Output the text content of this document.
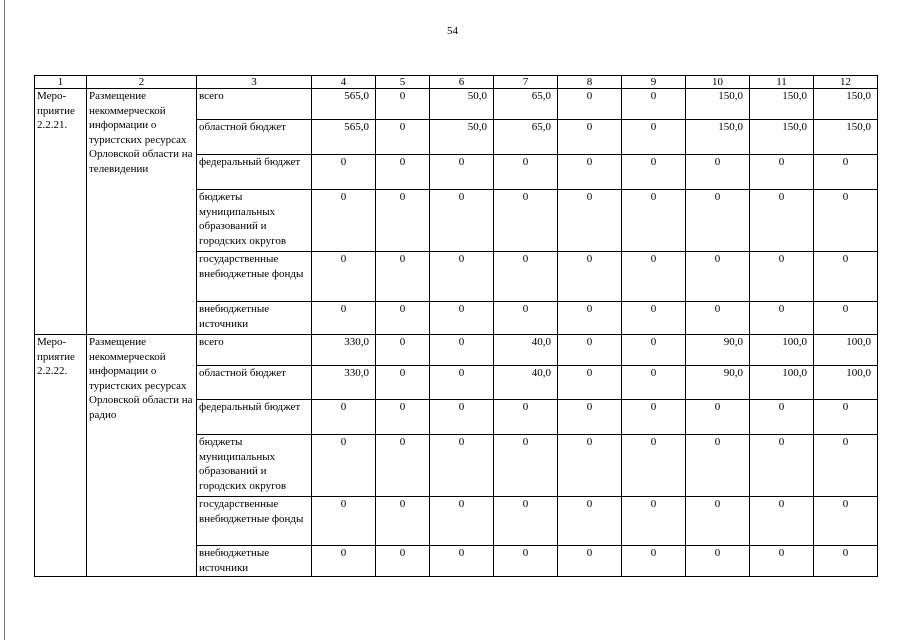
54
1	2	3	4	5	6	7	8	9	10	11	12
Меро-приятие 2.2.21.	Размещение некоммерческой информации о туристских ресурсах Орловской области на телевидении	всего	565,0	0	50,0	65,0	0	0	150,0	150,0	150,0
		областной бюджет	565,0	0	50,0	65,0	0	0	150,0	150,0	150,0
		федеральный бюджет	0	0	0	0	0	0	0	0	0
		бюджеты муниципальных образований и городских округов	0	0	0	0	0	0	0	0	0
		государственные внебюджетные фонды	0	0	0	0	0	0	0	0	0
		внебюджетные источники	0	0	0	0	0	0	0	0	0
Меро-приятие 2.2.22.	Размещение некоммерческой информации о туристских ресурсах Орловской области на радио	всего	330,0	0	0	40,0	0	0	90,0	100,0	100,0
		областной бюджет	330,0	0	0	40,0	0	0	90,0	100,0	100,0
		федеральный бюджет	0	0	0	0	0	0	0	0	0
		бюджеты муниципальных образований и городских округов	0	0	0	0	0	0	0	0	0
		государственные внебюджетные фонды	0	0	0	0	0	0	0	0	0
		внебюджетные источники	0	0	0	0	0	0	0	0	0
